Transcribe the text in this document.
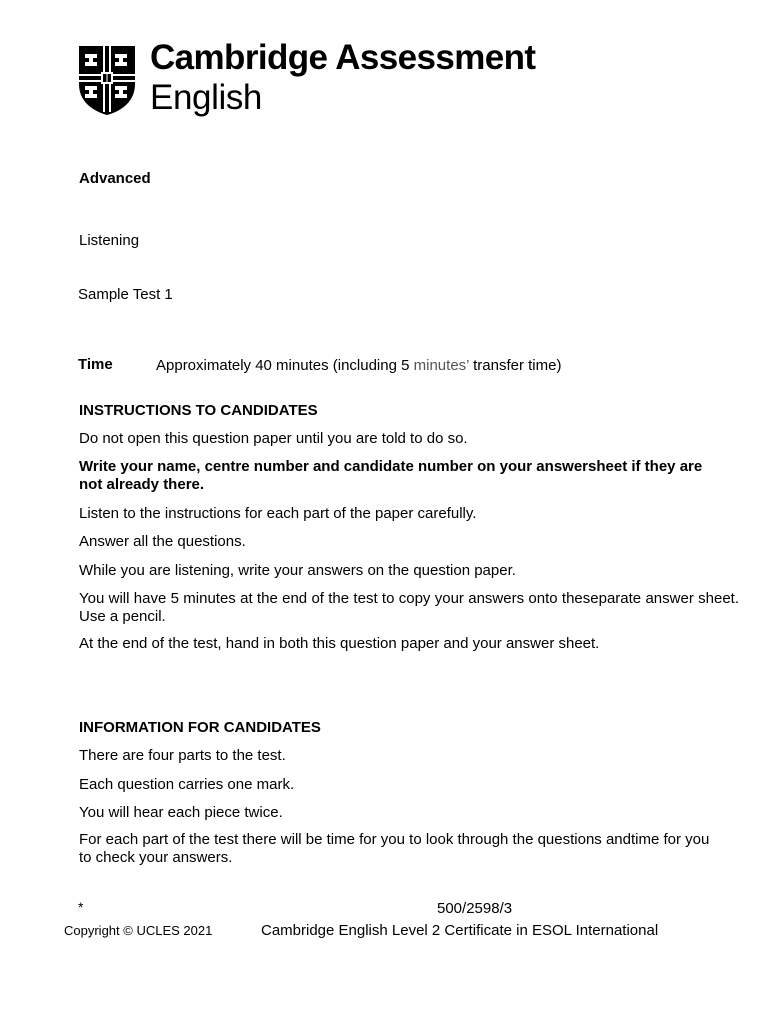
Cambridge Assessment
English
Advanced
Listening
Sample Test 1
Time	Approximately 40 minutes (including 5 minutes’ transfer time)
INSTRUCTIONS TO CANDIDATES
Do not open this question paper until you are told to do so.
Write your name, centre number and candidate number on your answersheet if they are not already there.
Listen to the instructions for each part of the paper carefully.
Answer all the questions.
While you are listening, write your answers on the question paper.
You will have 5 minutes at the end of the test to copy your answers onto theseparate answer sheet. Use a pencil.
At the end of the test, hand in both this question paper and your answer sheet.
INFORMATION FOR CANDIDATES
There are four parts to the test.
Each question carries one mark.
You will hear each piece twice.
For each part of the test there will be time for you to look through the questions andtime for you to check your answers.
*	500/2598/3
Copyright © UCLES 2021	Cambridge English Level 2 Certificate in ESOL International
